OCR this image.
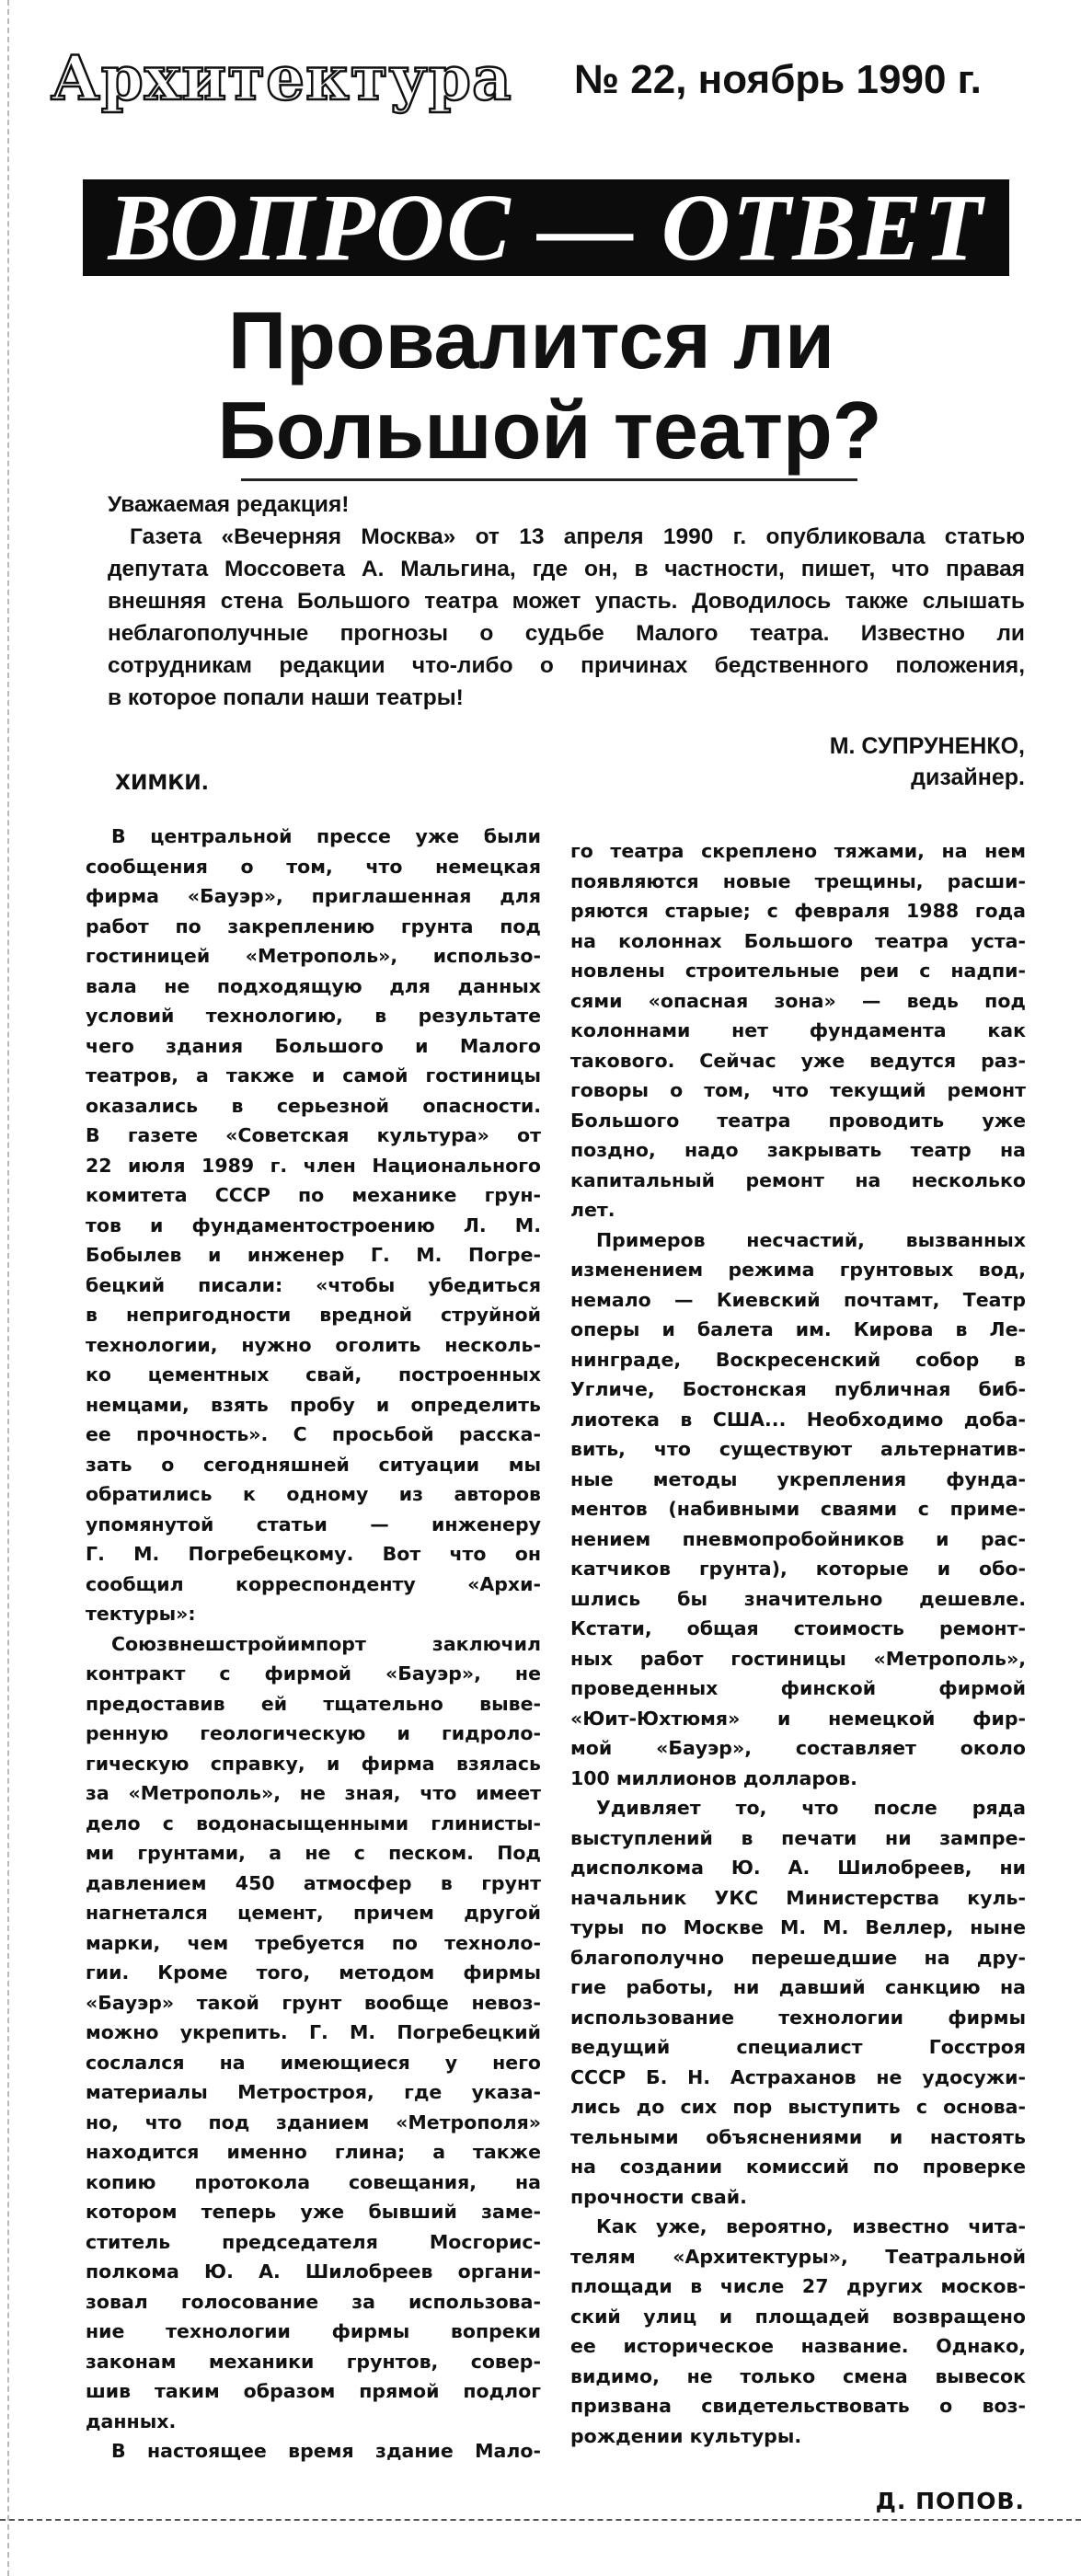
Архитектура № 22, ноябрь 1990 г.
ВОПРОС — ОТВЕТ
Провалится ли
Большой театр?
Уважаемая редакция!
Газета «Вечерняя Москва» от 13 апреля 1990 г. опубликовала статью
депутата Моссовета А. Мальгина, где он, в частности, пишет, что правая
внешняя стена Большого театра может упасть. Доводилось также слышать
неблагополучные прогнозы о судьбе Малого театра. Известно ли
сотрудникам редакции что-либо о причинах бедственного положения,
в которое попали наши театры!
М. СУПРУНЕНКО,
дизайнер.
ХИМКИ.
В центральной прессе уже были
сообщения о том, что немецкая
фирма «Бауэр», приглашенная для
работ по закреплению грунта под
гостиницей «Метрополь», использо-
вала не подходящую для данных
условий технологию, в результате
чего здания Большого и Малого
театров, а также и самой гостиницы
оказались в серьезной опасности.
В газете «Советская культура» от
22 июля 1989 г. член Национального
комитета СССР по механике грун-
тов и фундаментостроению Л. М.
Бобылев и инженер Г. М. Погре-
бецкий писали: «чтобы убедиться
в непригодности вредной струйной
технологии, нужно оголить несколь-
ко цементных свай, построенных
немцами, взять пробу и определить
ее прочность». С просьбой расска-
зать о сегодняшней ситуации мы
обратились к одному из авторов
упомянутой статьи — инженеру
Г. М. Погребецкому. Вот что он
сообщил корреспонденту «Архи-
тектуры»:
Союзвнешстройимпорт заключил
контракт с фирмой «Бауэр», не
предоставив ей тщательно выве-
ренную геологическую и гидроло-
гическую справку, и фирма взялась
за «Метрополь», не зная, что имеет
дело с водонасыщенными глинисты-
ми грунтами, а не с песком. Под
давлением 450 атмосфер в грунт
нагнетался цемент, причем другой
марки, чем требуется по техноло-
гии. Кроме того, методом фирмы
«Бауэр» такой грунт вообще невоз-
можно укрепить. Г. М. Погребецкий
сослался на имеющиеся у него
материалы Метростроя, где указа-
но, что под зданием «Метрополя»
находится именно глина; а также
копию протокола совещания, на
котором теперь уже бывший заме-
ститель председателя Мосгорис-
полкома Ю. А. Шилобреев органи-
зовал голосование за использова-
ние технологии фирмы вопреки
законам механики грунтов, совер-
шив таким образом прямой подлог
данных.
В настоящее время здание Мало-
го театра скреплено тяжами, на нем
появляются новые трещины, расши-
ряются старые; с февраля 1988 года
на колоннах Большого театра уста-
новлены строительные реи с надпи-
сями «опасная зона» — ведь под
колоннами нет фундамента как
такового. Сейчас уже ведутся раз-
говоры о том, что текущий ремонт
Большого театра проводить уже
поздно, надо закрывать театр на
капитальный ремонт на несколько
лет.
Примеров несчастий, вызванных
изменением режима грунтовых вод,
немало — Киевский почтамт, Театр
оперы и балета им. Кирова в Ле-
нинграде, Воскресенский собор в
Угличе, Бостонская публичная биб-
лиотека в США... Необходимо доба-
вить, что существуют альтернатив-
ные методы укрепления фунда-
ментов (набивными сваями с приме-
нением пневмопробойников и рас-
катчиков грунта), которые и обо-
шлись бы значительно дешевле.
Кстати, общая стоимость ремонт-
ных работ гостиницы «Метрополь»,
проведенных финской фирмой
«Юит-Юхтюмя» и немецкой фир-
мой «Бауэр», составляет около
100 миллионов долларов.
Удивляет то, что после ряда
выступлений в печати ни зампре-
дисполкома Ю. А. Шилобреев, ни
начальник УКС Министерства куль-
туры по Москве М. М. Веллер, ныне
благополучно перешедшие на дру-
гие работы, ни давший санкцию на
использование технологии фирмы
ведущий специалист Госстроя
СССР Б. Н. Астраханов не удосужи-
лись до сих пор выступить с основа-
тельными объяснениями и настоять
на создании комиссий по проверке
прочности свай.
Как уже, вероятно, известно чита-
телям «Архитектуры», Театральной
площади в числе 27 других москов-
ский улиц и площадей возвращено
ее историческое название. Однако,
видимо, не только смена вывесок
призвана свидетельствовать о воз-
рождении культуры.
Д. ПОПОВ.
